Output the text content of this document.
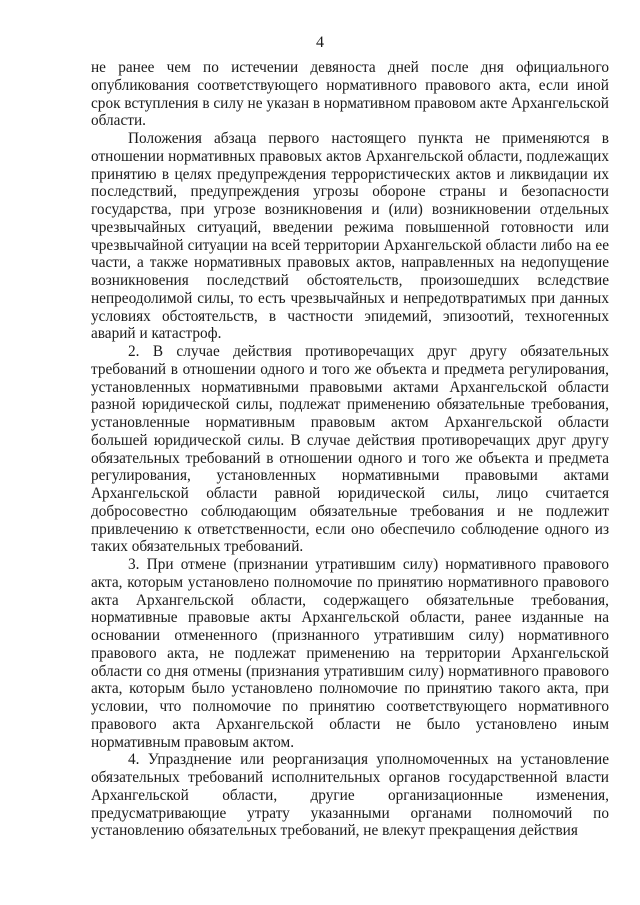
4

не ранее чем по истечении девяноста дней после дня официального опубликования соответствующего нормативного правового акта, если иной срок вступления в силу не указан в нормативном правовом акте Архангельской области.

Положения абзаца первого настоящего пункта не применяются в отношении нормативных правовых актов Архангельской области, подлежащих принятию в целях предупреждения террористических актов и ликвидации их последствий, предупреждения угрозы обороне страны и безопасности государства, при угрозе возникновения и (или) возникновении отдельных чрезвычайных ситуаций, введении режима повышенной готовности или чрезвычайной ситуации на всей территории Архангельской области либо на ее части, а также нормативных правовых актов, направленных на недопущение возникновения последствий обстоятельств, произошедших вследствие непреодолимой силы, то есть чрезвычайных и непредотвратимых при данных условиях обстоятельств, в частности эпидемий, эпизоотий, техногенных аварий и катастроф.

2. В случае действия противоречащих друг другу обязательных требований в отношении одного и того же объекта и предмета регулирования, установленных нормативными правовыми актами Архангельской области разной юридической силы, подлежат применению обязательные требования, установленные нормативным правовым актом Архангельской области большей юридической силы. В случае действия противоречащих друг другу обязательных требований в отношении одного и того же объекта и предмета регулирования, установленных нормативными правовыми актами Архангельской области равной юридической силы, лицо считается добросовестно соблюдающим обязательные требования и не подлежит привлечению к ответственности, если оно обеспечило соблюдение одного из таких обязательных требований.

3. При отмене (признании утратившим силу) нормативного правового акта, которым установлено полномочие по принятию нормативного правового акта Архангельской области, содержащего обязательные требования, нормативные правовые акты Архангельской области, ранее изданные на основании отмененного (признанного утратившим силу) нормативного правового акта, не подлежат применению на территории Архангельской области со дня отмены (признания утратившим силу) нормативного правового акта, которым было установлено полномочие по принятию такого акта, при условии, что полномочие по принятию соответствующего нормативного правового акта Архангельской области не было установлено иным нормативным правовым актом.

4. Упразднение или реорганизация уполномоченных на установление обязательных требований исполнительных органов государственной власти Архангельской области, другие организационные изменения, предусматривающие утрату указанными органами полномочий по установлению обязательных требований, не влекут прекращения действия
